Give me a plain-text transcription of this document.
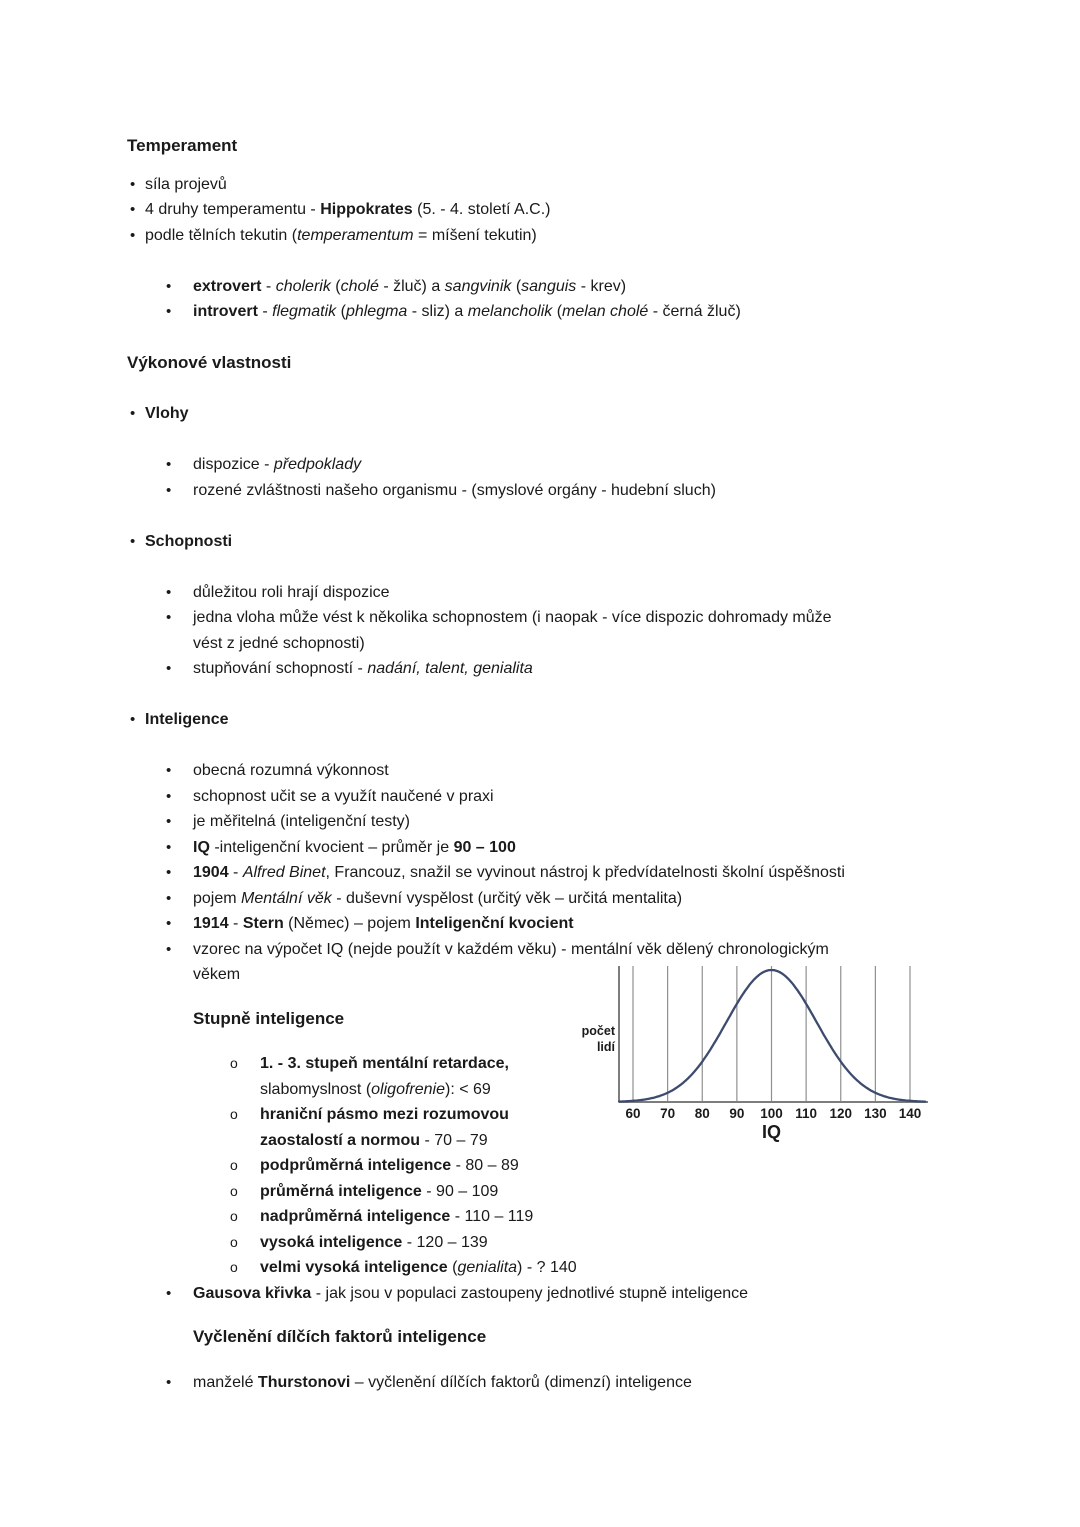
Temperament
• síla projevů
• 4 druhy temperamentu - Hippokrates (5. - 4. století A.C.)
• podle tělních tekutin (temperamentum = míšení tekutin)
•	extrovert - cholerik (cholé - žluč) a sangvinik (sanguis - krev)
•	introvert - flegmatik (phlegma - sliz) a melancholik (melan cholé - černá žluč)
Výkonové vlastnosti
• Vlohy
•	dispozice - předpoklady
•	rozené zvláštnosti našeho organismu - (smyslové orgány - hudební sluch)
• Schopnosti
•	důležitou roli hrají dispozice
•	jedna vloha může vést k několika schopnostem (i naopak - více dispozic dohromady může
vést z jedné schopnosti)
•	stupňování schopností - nadání, talent, genialita
• Inteligence
•	obecná rozumná výkonnost
•	schopnost učit se a využít naučené v praxi
•	je měřitelná (inteligenční testy)
•	IQ -inteligenční kvocient – průměr je 90 – 100
•	1904 - Alfred Binet, Francouz, snažil se vyvinout nástroj k předvídatelnosti školní úspěšnosti
•	pojem Mentální věk - duševní vyspělost (určitý věk – určitá mentalita)
•	1914 - Stern (Němec) – pojem Inteligenční kvocient
•	vzorec na výpočet IQ (nejde použít v každém věku) - mentální věk dělený chronologickým
věkem
Stupně inteligence
o	1. - 3. stupeň mentální retardace,
slabomyslnost (oligofrenie): < 69
o	hraniční pásmo mezi rozumovou
zaostalostí a normou - 70 – 79
o	podprůměrná inteligence - 80 – 89
o	průměrná inteligence - 90 – 109
o	nadprůměrná inteligence - 110 – 119
o	vysoká inteligence - 120 – 139
o	velmi vysoká inteligence (genialita) - ? 140
•	Gausova křivka - jak jsou v populaci zastoupeny jednotlivé stupně inteligence
Vyčlenění dílčích faktorů inteligence
•	manželé Thurstonovi – vyčlenění dílčích faktorů (dimenzí) inteligence
60 70 80 90 100 110 120 130 140
IQ
počet
lidí
